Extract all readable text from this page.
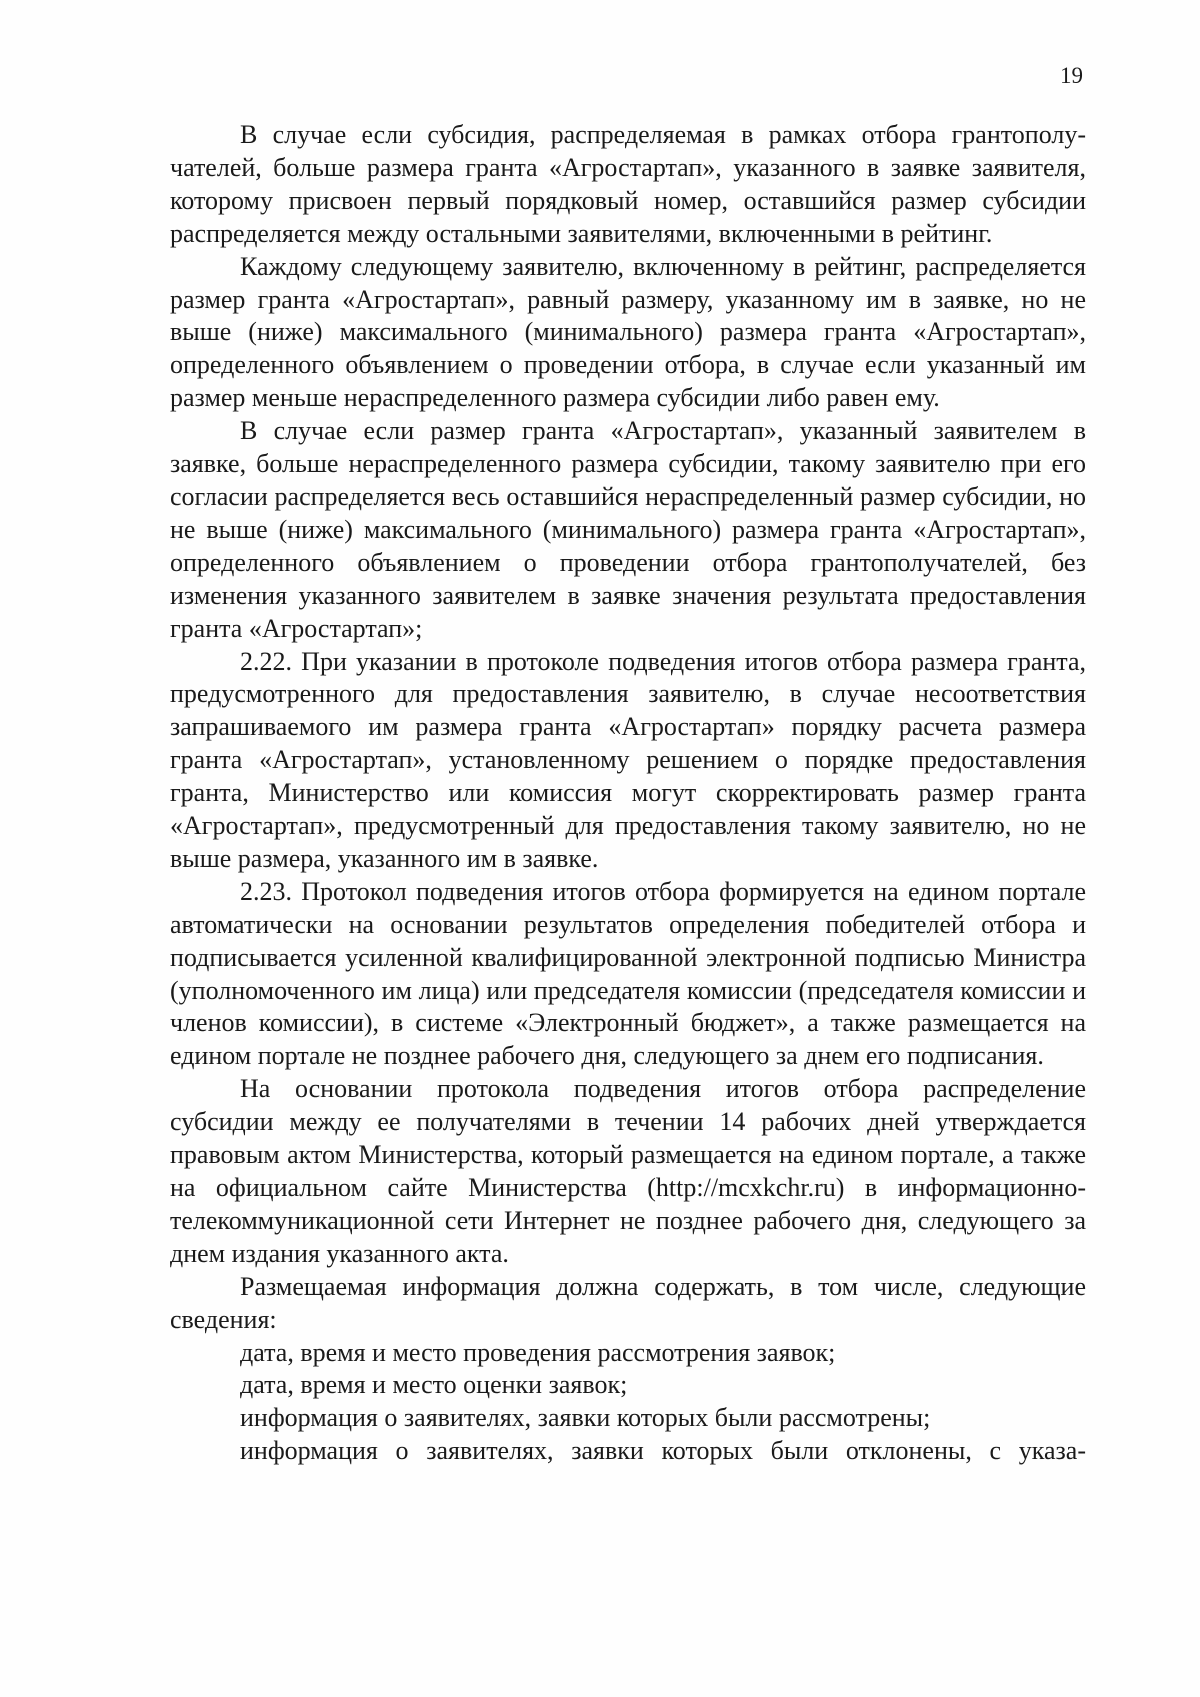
19

В случае если субсидия, распределяемая в рамках отбора грантополучателей, больше размера гранта «Агростартап», указанного в заявке заявителя, которому присвоен первый порядковый номер, оставшийся размер субсидии распределяется между остальными заявителями, включенными в рейтинг.

Каждому следующему заявителю, включенному в рейтинг, распределяется размер гранта «Агростартап», равный размеру, указанному им в заявке, но не выше (ниже) максимального (минимального) размера гранта «Агростартап», определенного объявлением о проведении отбора, в случае если указанный им размер меньше нераспределенного размера субсидии либо равен ему.

В случае если размер гранта «Агростартап», указанный заявителем в заявке, больше нераспределенного размера субсидии, такому заявителю при его согласии распределяется весь оставшийся нераспределенный размер субсидии, но не выше (ниже) максимального (минимального) размера гранта «Агростартап», определенного объявлением о проведении отбора грантополучателей, без изменения указанного заявителем в заявке значения результата предоставления гранта «Агростартап»;

2.22. При указании в протоколе подведения итогов отбора размера гранта, предусмотренного для предоставления заявителю, в случае несоответствия запрашиваемого им размера гранта «Агростартап» порядку расчета размера гранта «Агростартап», установленному решением о порядке предоставления гранта, Министерство или комиссия могут скорректировать размер гранта «Агростартап», предусмотренный для предоставления такому заявителю, но не выше размера, указанного им в заявке.

2.23. Протокол подведения итогов отбора формируется на едином портале автоматически на основании результатов определения победителей отбора и подписывается усиленной квалифицированной электронной подписью Министра (уполномоченного им лица) или председателя комиссии (председателя комиссии и членов комиссии), в системе «Электронный бюджет», а также размещается на едином портале не позднее рабочего дня, следующего за днем его подписания.

На основании протокола подведения итогов отбора распределение субсидии между ее получателями в течении 14 рабочих дней утверждается правовым актом Министерства, который размещается на едином портале, а также на официальном сайте Министерства (http://mcxkchr.ru) в информационно-телекоммуникационной сети Интернет не позднее рабочего дня, следующего за днем издания указанного акта.

Размещаемая информация должна содержать, в том числе, следующие сведения:

дата, время и место проведения рассмотрения заявок;

дата, время и место оценки заявок;

информация о заявителях, заявки которых были рассмотрены;

информация о заявителях, заявки которых были отклонены, с указа-
